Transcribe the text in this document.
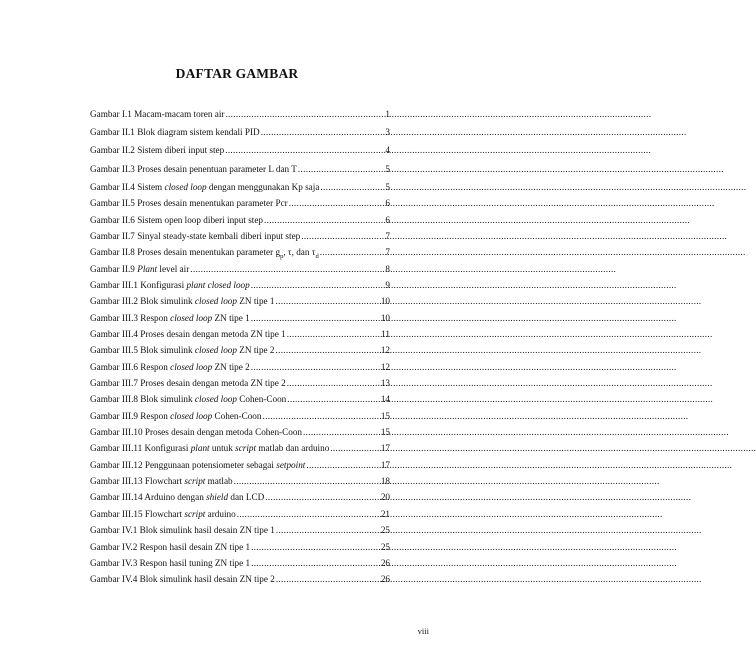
DAFTAR GAMBAR
Gambar I.1 Macam-macam toren air .....	1
Gambar II.1 Blok diagram sistem kendali PID .....	3
Gambar II.2 Sistem diberi input step .....	4
Gambar II.3 Proses desain penentuan parameter L dan T .....	5
Gambar II.4 Sistem closed loop dengan menggunakan Kp saja .....	5
Gambar II.5 Proses desain menentukan parameter Pcr .....	6
Gambar II.6 Sistem open loop diberi input step .....	6
Gambar II.7 Sinyal steady-state kembali diberi input step .....	7
Gambar II.8 Proses desain menentukan parameter $g_p$, τ, dan $\tau_d$ .....	7
Gambar II.9 Plant level air .....	8
Gambar III.1 Konfigurasi plant closed loop .....	9
Gambar III.2 Blok simulink closed loop ZN tipe 1 .....	10
Gambar III.3 Respon closed loop ZN tipe 1 .....	10
Gambar III.4 Proses desain dengan metoda ZN tipe 1 .....	11
Gambar III.5 Blok simulink closed loop ZN tipe 2 .....	12
Gambar III.6 Respon closed loop ZN tipe 2 .....	12
Gambar III.7 Proses desain dengan metoda ZN tipe 2 .....	13
Gambar III.8 Blok simulink closed loop Cohen-Coon .....	14
Gambar III.9 Respon closed loop Cohen-Coon .....	15
Gambar III.10 Proses desain dengan metoda Cohen-Coon .....	15
Gambar III.11 Konfigurasi plant untuk script matlab dan arduino .....	17
Gambar III.12 Penggunaan potensiometer sebagai setpoint .....	17
Gambar III.13 Flowchart script matlab .....	18
Gambar III.14 Arduino dengan shield dan LCD .....	20
Gambar III.15 Flowchart script arduino .....	21
Gambar IV.1 Blok simulink hasil desain ZN tipe 1 .....	25
Gambar IV.2 Respon hasil desain ZN tipe 1 .....	25
Gambar IV.3 Respon hasil tuning ZN tipe 1 .....	26
Gambar IV.4 Blok simulink hasil desain ZN tipe 2 .....	26
viii
